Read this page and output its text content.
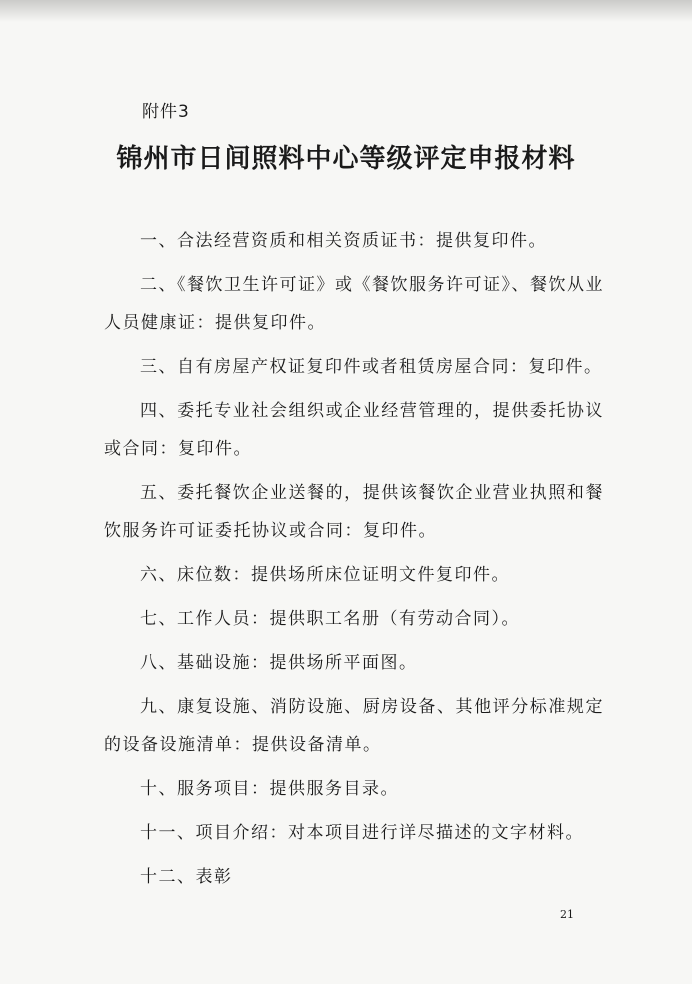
附件3
锦州市日间照料中心等级评定申报材料

一、合法经营资质和相关资质证书：提供复印件。

二、《餐饮卫生许可证》或《餐饮服务许可证》、餐饮从业人员健康证：提供复印件。

三、自有房屋产权证复印件或者租赁房屋合同：复印件。

四、委托专业社会组织或企业经营管理的，提供委托协议或合同：复印件。

五、委托餐饮企业送餐的，提供该餐饮企业营业执照和餐饮服务许可证委托协议或合同：复印件。

六、床位数：提供场所床位证明文件复印件。

七、工作人员：提供职工名册（有劳动合同）。

八、基础设施：提供场所平面图。

九、康复设施、消防设施、厨房设备、其他评分标准规定的设备设施清单：提供设备清单。

十、服务项目：提供服务目录。

十一、项目介绍：对本项目进行详尽描述的文字材料。

十二、表彰

21
